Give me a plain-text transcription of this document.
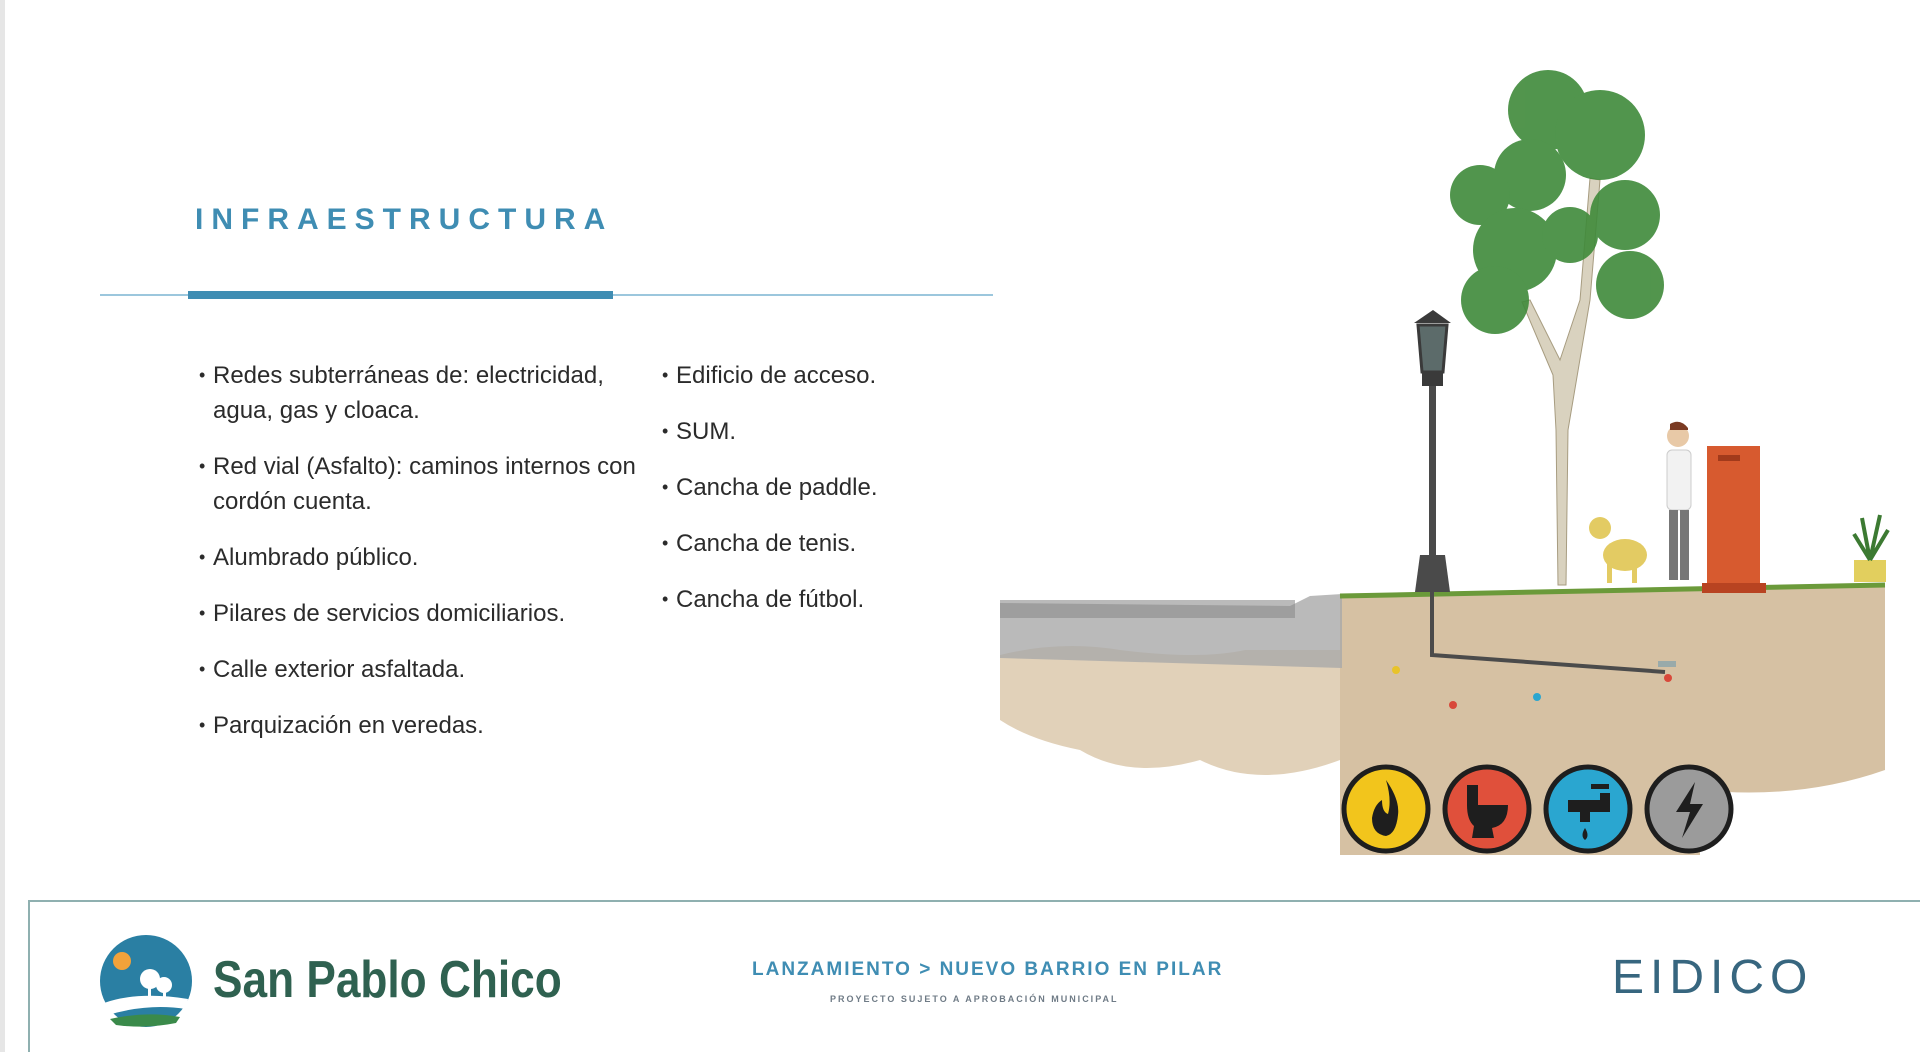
INFRAESTRUCTURA
• Redes subterráneas de: electricidad, agua, gas y cloaca.
• Red vial (Asfalto): caminos internos con cordón cuenta.
• Alumbrado público.
• Pilares de servicios domiciliarios.
• Calle exterior asfaltada.
• Parquización en veredas.
• Edificio de acceso.
• SUM.
• Cancha de paddle.
• Cancha de tenis.
• Cancha de fútbol.
San Pablo Chico	LANZAMIENTO > NUEVO BARRIO EN PILAR
PROYECTO SUJETO A APROBACIÓN MUNICIPAL	EIDICO
